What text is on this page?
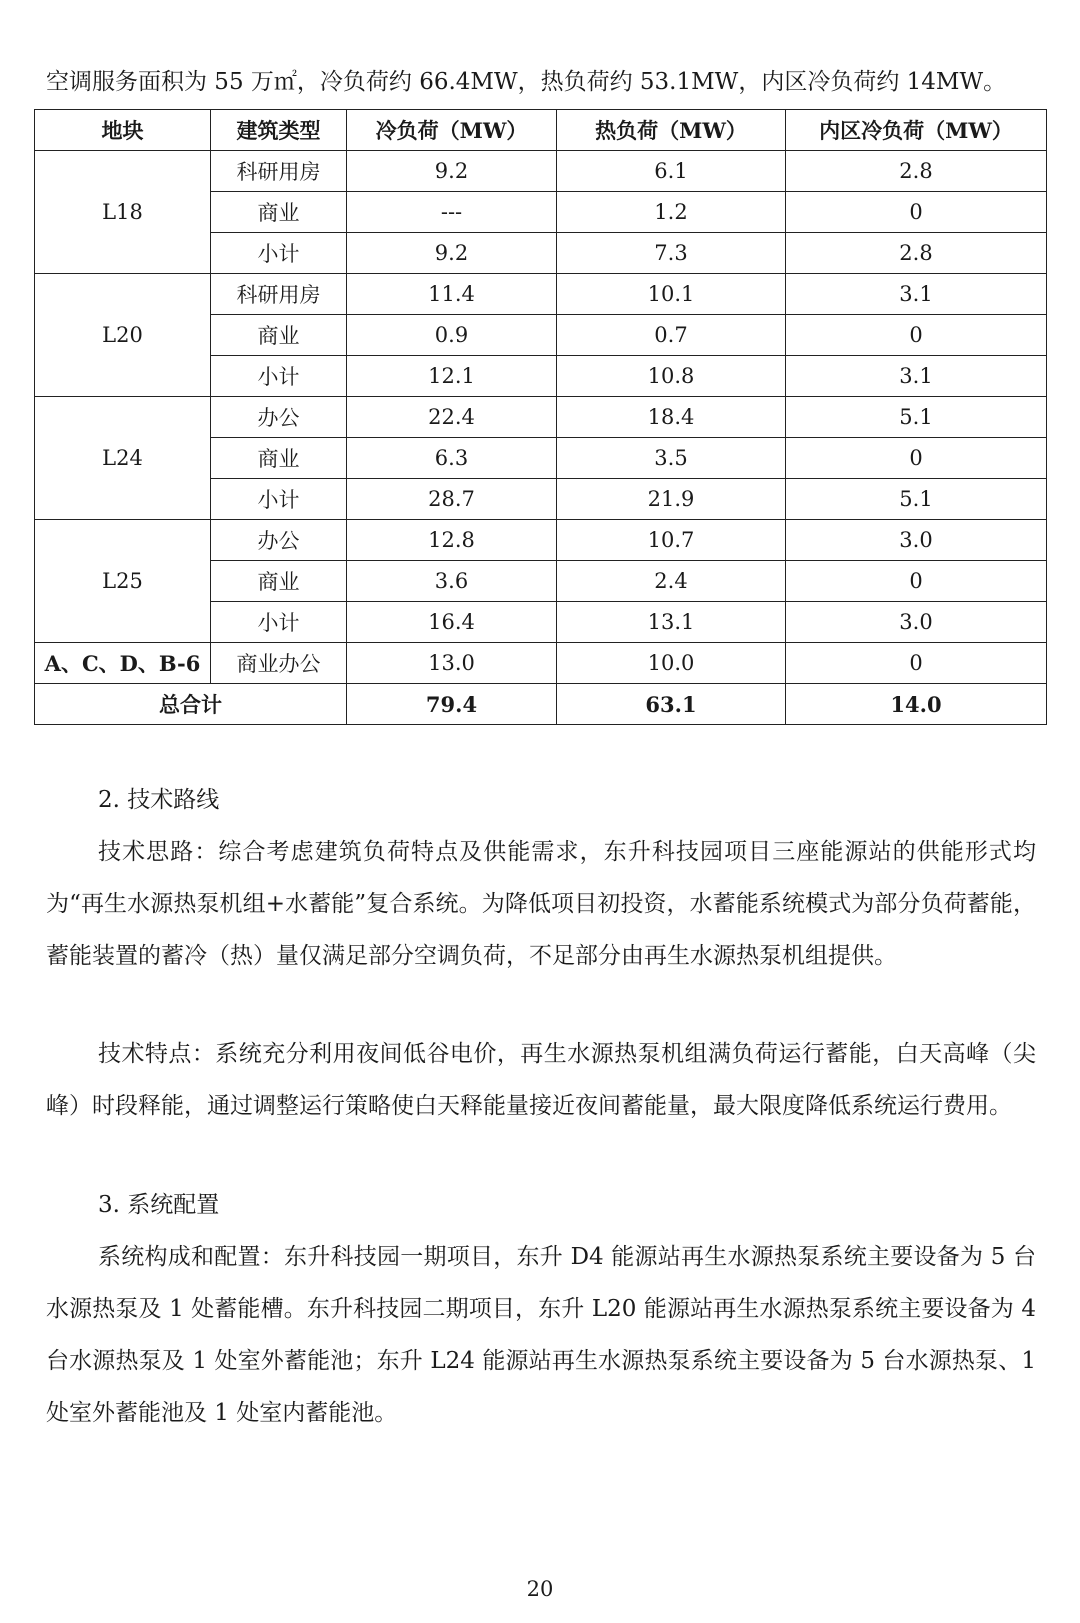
空调服务面积为 55 万㎡，冷负荷约 66.4MW，热负荷约 53.1MW，内区冷负荷约 14MW。
地块	建筑类型	冷负荷（MW）	热负荷（MW）	内区冷负荷（MW）
L18	科研用房	9.2	6.1	2.8
	商业	---	1.2	0
	小计	9.2	7.3	2.8
L20	科研用房	11.4	10.1	3.1
	商业	0.9	0.7	0
	小计	12.1	10.8	3.1
L24	办公	22.4	18.4	5.1
	商业	6.3	3.5	0
	小计	28.7	21.9	5.1
L25	办公	12.8	10.7	3.0
	商业	3.6	2.4	0
	小计	16.4	13.1	3.0
A、C、D、B-6	商业办公	13.0	10.0	0
总合计		79.4	63.1	14.0
2. 技术路线

技术思路：综合考虑建筑负荷特点及供能需求，东升科技园项目三座能源站的供能形式均为“再生水源热泵机组+水蓄能”复合系统。为降低项目初投资，水蓄能系统模式为部分负荷蓄能，蓄能装置的蓄冷（热）量仅满足部分空调负荷，不足部分由再生水源热泵机组提供。

技术特点：系统充分利用夜间低谷电价，再生水源热泵机组满负荷运行蓄能，白天高峰（尖峰）时段释能，通过调整运行策略使白天释能量接近夜间蓄能量，最大限度降低系统运行费用。

3. 系统配置

系统构成和配置：东升科技园一期项目，东升 D4 能源站再生水源热泵系统主要设备为 5 台水源热泵及 1 处蓄能槽。东升科技园二期项目，东升 L20 能源站再生水源热泵系统主要设备为 4 台水源热泵及 1 处室外蓄能池；东升 L24 能源站再生水源热泵系统主要设备为 5 台水源热泵、1 处室外蓄能池及 1 处室内蓄能池。

20
